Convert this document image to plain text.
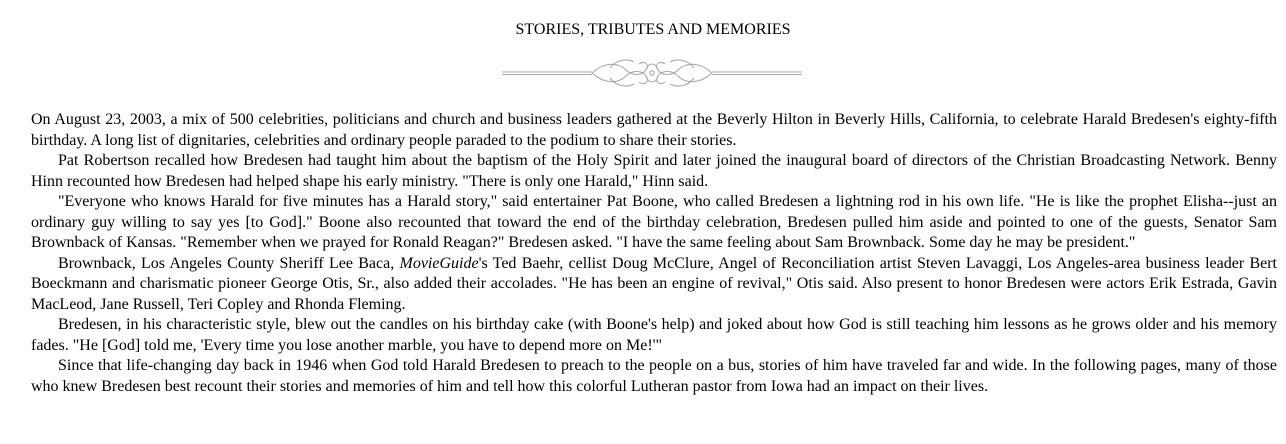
STORIES, TRIBUTES AND MEMORIES

On August 23, 2003, a mix of 500 celebrities, politicians and church and business leaders gathered at the Beverly Hilton in Beverly Hills, California, to celebrate Harald Bredesen's eighty-fifth birthday. A long list of dignitaries, celebrities and ordinary people paraded to the podium to share their stories.

Pat Robertson recalled how Bredesen had taught him about the baptism of the Holy Spirit and later joined the inaugural board of directors of the Christian Broadcasting Network. Benny Hinn recounted how Bredesen had helped shape his early ministry. "There is only one Harald," Hinn said.

"Everyone who knows Harald for five minutes has a Harald story," said entertainer Pat Boone, who called Bredesen a lightning rod in his own life. "He is like the prophet Elisha--just an ordinary guy willing to say yes [to God]." Boone also recounted that toward the end of the birthday celebration, Bredesen pulled him aside and pointed to one of the guests, Senator Sam Brownback of Kansas. "Remember when we prayed for Ronald Reagan?" Bredesen asked. "I have the same feeling about Sam Brownback. Some day he may be president."

Brownback, Los Angeles County Sheriff Lee Baca, MovieGuide's Ted Baehr, cellist Doug McClure, Angel of Reconciliation artist Steven Lavaggi, Los Angeles-area business leader Bert Boeckmann and charismatic pioneer George Otis, Sr., also added their accolades. "He has been an engine of revival," Otis said. Also present to honor Bredesen were actors Erik Estrada, Gavin MacLeod, Jane Russell, Teri Copley and Rhonda Fleming.

Bredesen, in his characteristic style, blew out the candles on his birthday cake (with Boone's help) and joked about how God is still teaching him lessons as he grows older and his memory fades. "He [God] told me, 'Every time you lose another marble, you have to depend more on Me!'"

Since that life-changing day back in 1946 when God told Harald Bredesen to preach to the people on a bus, stories of him have traveled far and wide. In the following pages, many of those who knew Bredesen best recount their stories and memories of him and tell how this colorful Lutheran pastor from Iowa had an impact on their lives.
